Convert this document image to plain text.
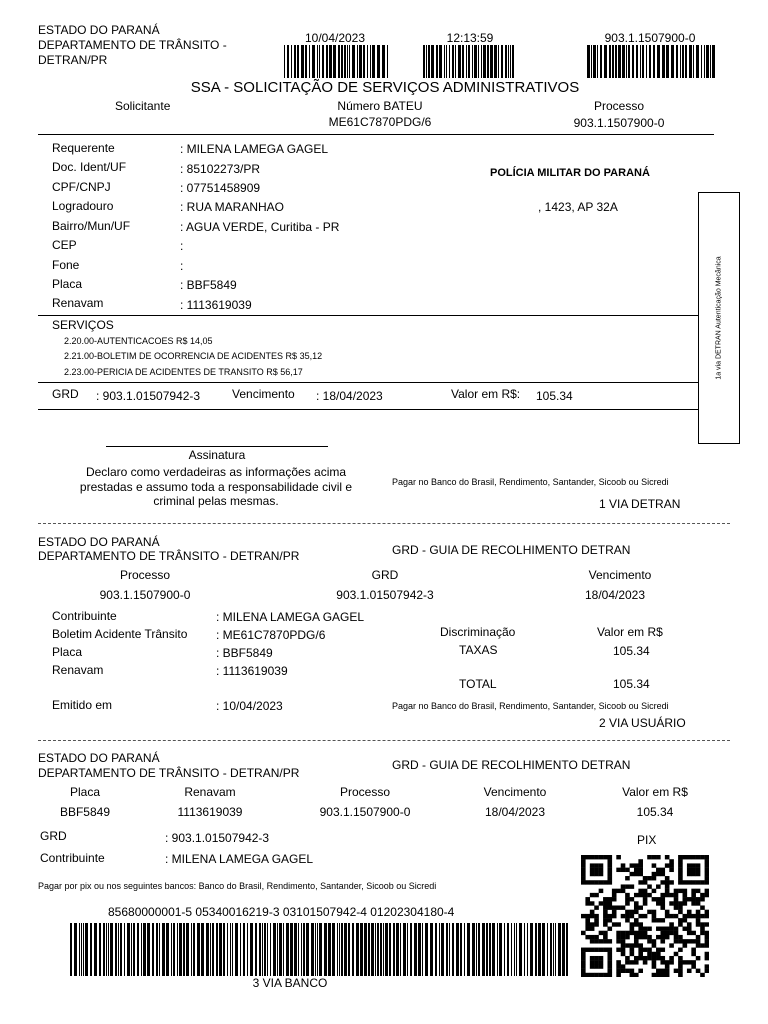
ESTADO DO PARANÁ
DEPARTAMENTO DE TRÂNSITO -
DETRAN/PR
10/04/2023	12:13:59	903.1.1507900-0
SSA - SOLICITAÇÃO DE SERVIÇOS ADMINISTRATIVOS
Solicitante	Número BATEU
ME61C7870PDG/6
Processo
903.1.1507900-0
Requerente	: MILENA LAMEGA GAGEL
Doc. Ident/UF	: 85102273/PR
CPF/CNPJ	: 07751458909
Logradouro	: RUA MARANHAO
Bairro/Mun/UF	: AGUA VERDE, Curitiba - PR
CEP	:
Fone	:
Placa	: BBF5849
Renavam	: 1113619039
POLÍCIA MILITAR DO PARANÁ
, 1423, AP 32A
1a via DETRAN Autenticação Mecânica
SERVIÇOS
2.20.00-AUTENTICACOES R$ 14,05
2.21.00-BOLETIM DE OCORRENCIA DE ACIDENTES R$ 35,12
2.23.00-PERICIA DE ACIDENTES DE TRANSITO R$ 56,17
GRD : 903.1.01507942-3	Vencimento : 18/04/2023	Valor em R$: 105.34
Assinatura
Declaro como verdadeiras as informações acima
prestadas e assumo toda a responsabilidade civil e
criminal pelas mesmas.
Pagar no Banco do Brasil, Rendimento, Santander, Sicoob ou Sicredi
1 VIA DETRAN
ESTADO DO PARANÁ
DEPARTAMENTO DE TRÂNSITO - DETRAN/PR	GRD - GUIA DE RECOLHIMENTO DETRAN
Processo
903.1.1507900-0
GRD
903.1.01507942-3
Vencimento
18/04/2023
Contribuinte	: MILENA LAMEGA GAGEL
Boletim Acidente Trânsito : ME61C7870PDG/6
Placa	: BBF5849
Renavam	: 1113619039
Discriminação	Valor em R$
TAXAS	105.34
TOTAL	105.34
Emitido em	: 10/04/2023	Pagar no Banco do Brasil, Rendimento, Santander, Sicoob ou Sicredi
2 VIA USUÁRIO
ESTADO DO PARANÁ
DEPARTAMENTO DE TRÂNSITO - DETRAN/PR
GRD - GUIA DE RECOLHIMENTO DETRAN
Placa
BBF5849
Renavam
1113619039
Processo
903.1.1507900-0
Vencimento
18/04/2023
Valor em R$
105.34
GRD	: 903.1.01507942-3
Contribuinte	: MILENA LAMEGA GAGEL
PIX
Pagar por pix ou nos seguintes bancos: Banco do Brasil, Rendimento, Santander, Sicoob ou Sicredi
85680000001-5 05340016219-3 03101507942-4 01202304180-4
3 VIA BANCO
